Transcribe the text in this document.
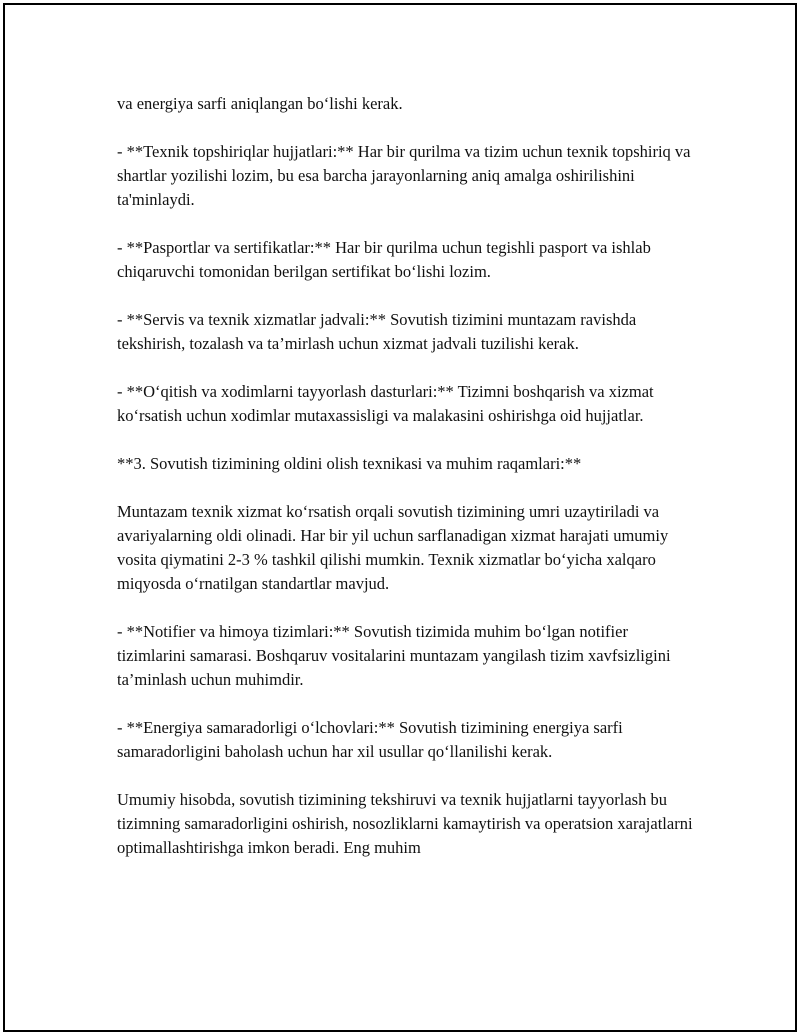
va energiya sarfi aniqlangan bo‘lishi kerak.

- **Texnik topshiriqlar hujjatlari:** Har bir qurilma va tizim uchun texnik topshiriq va shartlar yozilishi lozim, bu esa barcha jarayonlarning aniq amalga oshirilishini ta'minlaydi.

- **Pasportlar va sertifikatlar:** Har bir qurilma uchun tegishli pasport va ishlab chiqaruvchi tomonidan berilgan sertifikat bo‘lishi lozim.

- **Servis va texnik xizmatlar jadvali:** Sovutish tizimini muntazam ravishda tekshirish, tozalash va ta’mirlash uchun xizmat jadvali tuzilishi kerak.

- **O‘qitish va xodimlarni tayyorlash dasturlari:** Tizimni boshqarish va xizmat ko‘rsatish uchun xodimlar mutaxassisligi va malakasini oshirishga oid hujjatlar.

**3. Sovutish tizimining oldini olish texnikasi va muhim raqamlari:**

Muntazam texnik xizmat ko‘rsatish orqali sovutish tizimining umri uzaytiriladi va avariyalarning oldi olinadi. Har bir yil uchun sarflanadigan xizmat harajati umumiy vosita qiymatini 2-3 % tashkil qilishi mumkin. Texnik xizmatlar bo‘yicha xalqaro miqyosda o‘rnatilgan standartlar mavjud.

- **Notifier va himoya tizimlari:** Sovutish tizimida muhim bo‘lgan notifier tizimlarini samarasi. Boshqaruv vositalarini muntazam yangilash tizim xavfsizligini ta’minlash uchun muhimdir.

- **Energiya samaradorligi o‘lchovlari:** Sovutish tizimining energiya sarfi samaradorligini baholash uchun har xil usullar qo‘llanilishi kerak.

Umumiy hisobda, sovutish tizimining tekshiruvi va texnik hujjatlarni tayyorlash bu tizimning samaradorligini oshirish, nosozliklarni kamaytirish va operatsion xarajatlarni optimallashtirishga imkon beradi. Eng muhim
